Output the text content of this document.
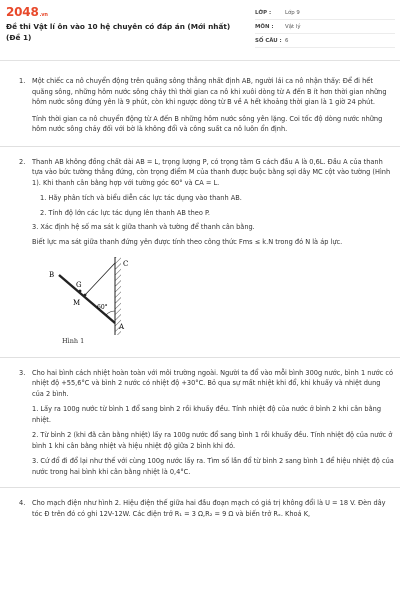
2048.vn
Đề thi Vật lí ôn vào 10 hệ chuyên có đáp án (Mới nhất) (Đề 1)
LỚP :	Lớp 9
MÔN :	Vật lý
SỐ CÂU : 6
1. Một chiếc ca nô chuyển động trên quãng sông thẳng nhất định AB, người lái ca nô nhận thấy: Để đi hết quãng sông, những hôm nước sông chảy thì thời gian ca nô khi xuôi dòng từ A đến B ít hơn thời gian những hôm nước sông đứng yên là 9 phút, còn khi ngược dòng từ B về A hết khoảng thời gian là 1 giờ 24 phút.

Tính thời gian ca nô chuyển động từ A đến B những hôm nước sông yên lặng. Coi tốc độ dòng nước những hôm nước sông chảy đối với bờ là không đổi và công suất ca nô luôn ổn định.

2. Thanh AB không đồng chất dài AB = L, trọng lượng P, có trọng tâm G cách đầu A là 0,6L. Đầu A của thanh tựa vào bức tường thẳng đứng, còn trọng điểm M của thanh được buộc bằng sợi dây MC cột vào tường (Hình 1). Khi thanh cân bằng hợp với tường góc 60° và CA = L.

1. Hãy phân tích và biểu diễn các lực tác dụng vào thanh AB.

2. Tính độ lớn các lực tác dụng lên thanh AB theo P.

3. Xác định hệ số ma sát k giữa thanh và tường để thanh cân bằng.

Biết lực ma sát giữa thanh đứng yên được tính theo công thức Fms ≤ k.N trong đó N là áp lực.

B
G
M
C
A
60°
Hình 1
3. Cho hai bình cách nhiệt hoàn toàn với môi trường ngoài. Người ta đổ vào mỗi bình 300g nước, bình 1 nước có nhiệt độ +55,6°C và bình 2 nước có nhiệt độ +30°C. Bỏ qua sự mất nhiệt khi đổ, khi khuấy và nhiệt dung của 2 bình.

1. Lấy ra 100g nước từ bình 1 đổ sang bình 2 rồi khuấy đều. Tính nhiệt độ của nước ở bình 2 khi cân bằng nhiệt.

2. Từ bình 2 (khi đã cân bằng nhiệt) lấy ra 100g nước đổ sang bình 1 rồi khuấy đều. Tính nhiệt độ của nước ở bình 1 khi cân bằng nhiệt và hiệu nhiệt độ giữa 2 bình khi đó.

3. Cứ đổ đi đổ lại như thế với cùng 100g nước lấy ra. Tìm số lần đổ từ bình 2 sang bình 1 để hiệu nhiệt độ của nước trong hai bình khi cân bằng nhiệt là 0,4°C.

4. Cho mạch điện như hình 2. Hiệu điện thế giữa hai đầu đoạn mạch có giá trị không đổi là U = 18 V. Đèn dây tóc Đ trên đó có ghi 12V-12W. Các điện trở R₁ = 3 Ω,R₂ = 9 Ω và biến trở Rₓ. Khoá K,
